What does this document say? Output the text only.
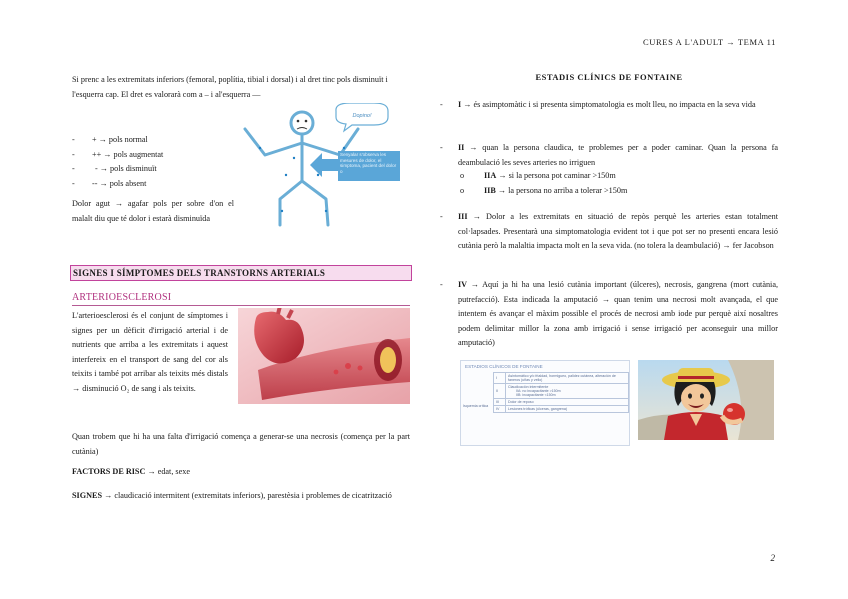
CURES A L'ADULT → TEMA 11

Si prenc a les extremitats inferiors (femoral, poplítia, tibial i dorsal) i al dret tinc pols disminuït i l'esquerra cap. El dret es valorarà com a – i al'esquerra —

- + → pols normal
- ++ → pols augmentat
- - → pols disminuït
- -- → pols absent

Dolor agut → agafar pols per sobre d'on el malalt diu que té dolor i estarà disminuïda

Dopino!
Senyalar s'observa les mesures de dolor, el simptoma, pacient del dolor o
SIGNES I SÍMPTOMES DELS TRANSTORNS ARTERIALS
ARTERIOESCLEROSI

L'arterioesclerosi és el conjunt de símptomes i signes per un dèficit d'irrigació arterial i de nutrients que arriba a les extremitats i aquest interfereix en el transport de sang del cor als teixits i també pot arribar als teixits més distals → disminució O₂ de sang i als teixits.

Quan trobem que hi ha una falta d'irrigació comença a generar-se una necrosis (comença per la part cutània)

FACTORS DE RISC → edat, sexe

SIGNES → claudicació intermitent (extremitats inferiors), parestèsia i problemes de cicatrització

ESTADIS CLÍNICS DE FONTAINE
- I → és asimptomàtic i si presenta simptomatologia es molt lleu, no impacta en la seva vida
- II → quan la persona claudica, te problemes per a poder caminar. Quan la persona fa deambulació les seves arteries no irriguen
o IIA → si la persona pot caminar >150m
o IIB → la persona no arriba a tolerar >150m
- III → Dolor a les extremitats en situació de repòs perquè les arteries estan totalment col·lapsades. Presentarà una simptomatologia evident tot i que pot ser no presenti encara lesió cutània però la malaltia impacta molt en la seva vida. (no tolera la deambulació) → fer Jacobson
- IV → Aquí ja hi ha una lesió cutània important (úlceres), necrosis, gangrena (mort cutània, putrefacció). Esta indicada la amputació → quan tenim una necrosi molt avançada, el que intentem és avançar el màxim possible el procés de necrosi amb iode pur perquè així nosaltres podem delimitar millor la zona amb irrigació i sense irrigació per aconseguir una millor amputació)
ESTADIOS CLÍNICOS DE FONTAINE		
	I	Asintomático y/o frialdad, hormigueo, palidez cutánea, alteración de faneros (uñas y vello)
	II	Claudicación intermitente
IIA: no incapacitante >150m
IIB: incapacitante <150m

Isquemia crítica	III	Dolor de reposo
	IV	Lesiones tróficas (úlceras, gangrena)
2
